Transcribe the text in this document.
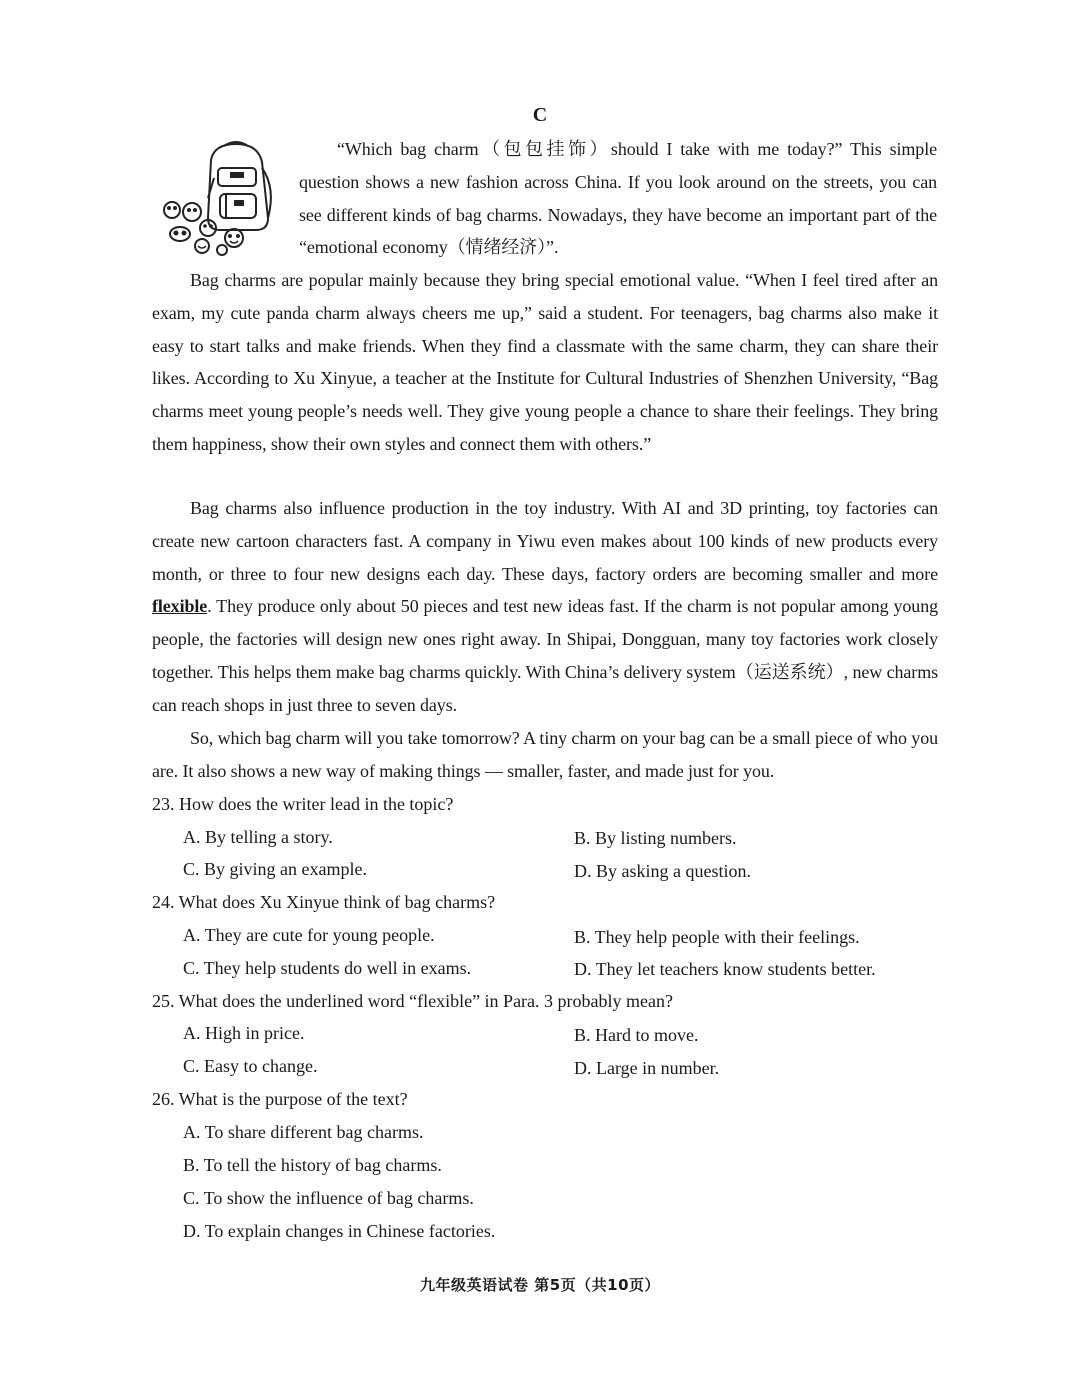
C
“Which bag charm（包包挂饰）should I take with me today?” This simple question shows a new fashion across China. If you look around on the streets, you can see different kinds of bag charms. Nowadays, they have become an important part of the “emotional economy（情绪经济）”.
Bag charms are popular mainly because they bring special emotional value. “When I feel tired after an exam, my cute panda charm always cheers me up,” said a student. For teenagers, bag charms also make it easy to start talks and make friends. When they find a classmate with the same charm, they can share their likes. According to Xu Xinyue, a teacher at the Institute for Cultural Industries of Shenzhen University, “Bag charms meet young people’s needs well. They give young people a chance to share their feelings. They bring them happiness, show their own styles and connect them with others.”
Bag charms also influence production in the toy industry. With AI and 3D printing, toy factories can create new cartoon characters fast. A company in Yiwu even makes about 100 kinds of new products every month, or three to four new designs each day. These days, factory orders are becoming smaller and more flexible. They produce only about 50 pieces and test new ideas fast. If the charm is not popular among young people, the factories will design new ones right away. In Shipai, Dongguan, many toy factories work closely together. This helps them make bag charms quickly. With China’s delivery system（运送系统）, new charms can reach shops in just three to seven days.
So, which bag charm will you take tomorrow? A tiny charm on your bag can be a small piece of who you are. It also shows a new way of making things — smaller, faster, and made just for you.
23. How does the writer lead in the topic?
A. By telling a story.	B. By listing numbers.
C. By giving an example.	D. By asking a question.
24. What does Xu Xinyue think of bag charms?
A. They are cute for young people.	B. They help people with their feelings.
C. They help students do well in exams.	D. They let teachers know students better.
25. What does the underlined word “flexible” in Para. 3 probably mean?
A. High in price.	B. Hard to move.
C. Easy to change.	D. Large in number.
26. What is the purpose of the text?
A. To share different bag charms.
B. To tell the history of bag charms.
C. To show the influence of bag charms.
D. To explain changes in Chinese factories.
九年级英语试卷 第5页（共10页）
